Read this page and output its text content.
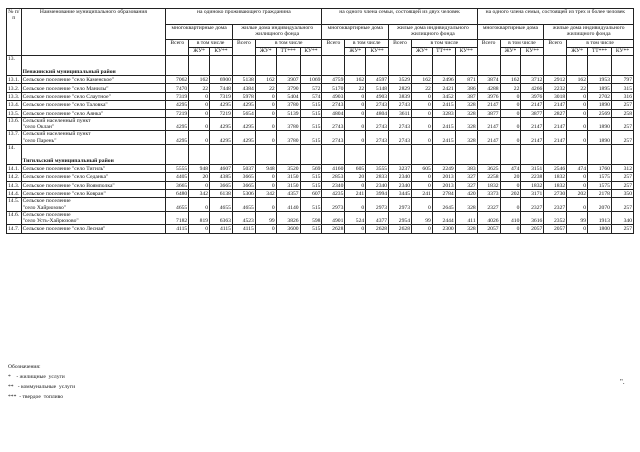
№ п/п	Наименование муниципального образования	на одиноко проживающего гражданина							на одного члена семьи, состоящей из двух человек							на одного члена семьи, состоящей из трех и более человек						
		многоквартирные дома			жилые дома индивидуального жилищного фонда				многоквартирные дома			жилые дома индивидуального жилищного фонда				многоквартирные дома			жилые дома индивидуального жилищного фонда			
		Всего	в том числе		Всего	в том числе			Всего	в том числе		Всего	в том числе			Всего	в том числе		Всего	в том числе		
			ЖУ*	КУ**		ЖУ*	ТТ***	КУ**		ЖУ*	КУ**		ЖУ*	ТТ***	КУ**		ЖУ*	КУ**		ЖУ*	ТТ***	КУ**
13.	Пенжинский муниципальный район																					
13.1.	Сельское поселение "село Каменское"	7062	162	6900	5138	162	3907	1069	4759	162	4597	3529	162	2496	871	3874	162	3712	2912	162	1953	797
13.2.	Сельское поселение "село Манилы"	7470	22	7448	4384	22	3790	572	5170	22	5148	2829	22	2421	386	4288	22	4266	2232	22	1895	315
13.3.	Сельское поселение "село Слаутное"	7319	0	7319	5978	0	5404	574	4903	0	4903	3839	0	3452	387	3976	0	3976	3018	0	2702	316
13.4.	Сельское поселение "село Таловка"	4295	0	4295	4295	0	3780	515	2743	0	2743	2743	0	2415	328	2147	0	2147	2147	0	1890	257
13.5.	Сельское поселение "село Аянка"	7219	0	7219	5654	0	5139	515	4804	0	4804	3611	0	3283	328	3877	0	3877	2827	0	2569	258
13.6.	Сельский населенный пункт
"село Оклан"	4295	0	4295	4295	0	3780	515	2743	0	2743	2743	0	2415	328	2147	0	2147	2147	0	1890	257
13.7.	Сельский населенный пункт
"село Парень"	4295	0	4295	4295	0	3780	515	2743	0	2743	2743	0	2415	328	2147	0	2147	2147	0	1890	257
14.	Тигильский муниципальный район																					
14.1.	Сельское поселение "село Тигиль"	5555	948	4607	5037	948	3520	569	4160	605	3555	3237	605	2249	383	3625	474	3151	2546	474	1760	312
14.2.	Сельское поселение "село Седанка"	4405	20	4385	3665	0	3150	515	2853	20	2833	2340	0	2013	327	2258	20	2238	1832	0	1575	257
14.3.	Сельское поселение "село Воямполка"	3665	0	3665	3665	0	3150	515	2340	0	2340	2340	0	2013	327	1832	0	1832	1832	0	1575	257
14.4.	Сельское поселение "село Ковран"	6480	342	6138	5306	342	4357	607	4235	241	3994	3445	241	2784	420	3373	202	3171	2730	202	2178	350
14.5.	Сельское поселение
"село Хайрюзово"	4655	0	4655	4655	0	4140	515	2973	0	2973	2973	0	2645	328	2327	0	2327	2327	0	2070	257
14.6.	Сельское поселение
"село Усть-Хайрюзово"	7182	819	6363	4523	99	3826	598	4901	524	4377	2954	99	2444	411	4026	410	3616	2352	99	1913	340
14.7.	Сельское поселение "село Лесная"	4115	0	4115	4115	0	3600	515	2628	0	2628	2628	0	2300	328	2057	0	2057	2057	0	1800	257
Обозначения:
*    - жилищные  услуги
**   - коммунальные  услуги
***  - твердое  топливо
".
